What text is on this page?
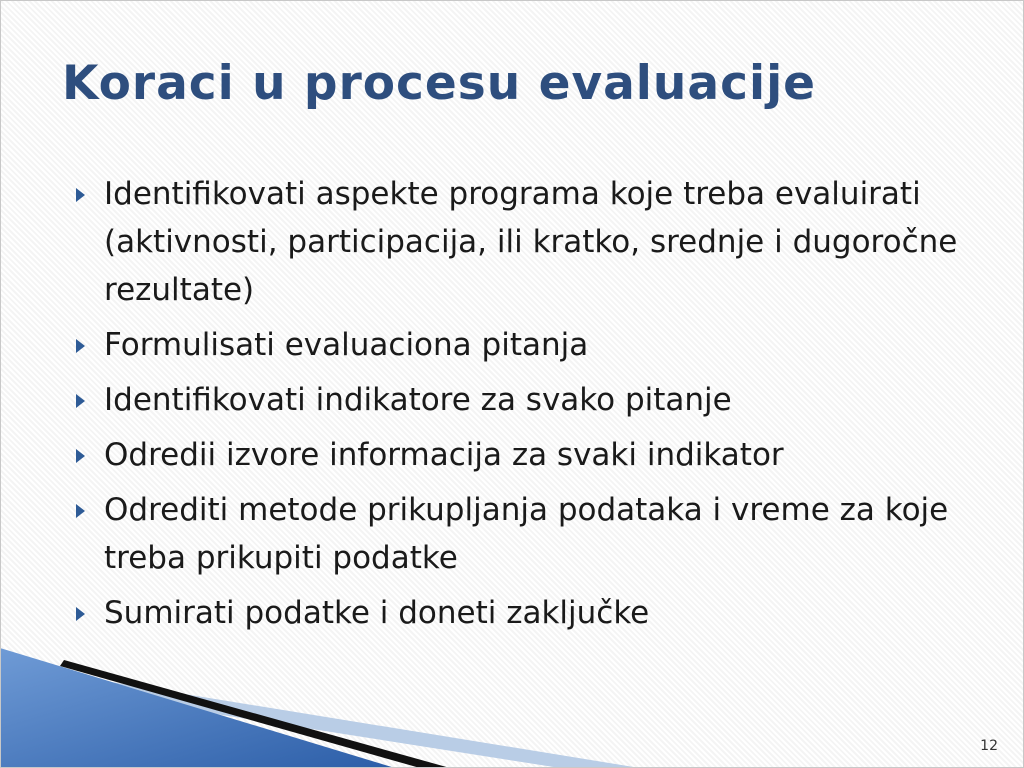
Koraci u procesu evaluacije
Identifikovati aspekte programa koje treba evaluirati (aktivnosti, participacija, ili kratko, srednje i dugoročne rezultate)
Formulisati evaluaciona pitanja
Identifikovati indikatore za svako pitanje
Odredii izvore informacija za svaki indikator
Odrediti metode prikupljanja podataka i vreme za koje treba prikupiti podatke
Sumirati podatke i doneti zaključke
12
